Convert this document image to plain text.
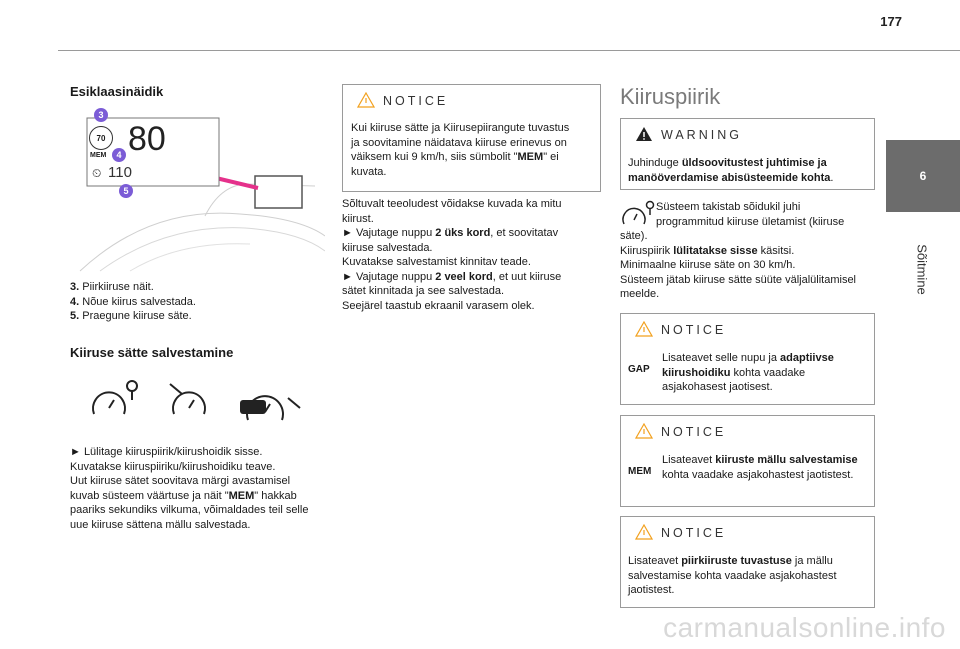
177
6
Sõitmine
Esiklaasinäidik
70
MEM 80
⏲ 110
3
4
5
3. Piirkiiruse näit.
4. Nõue kiirus salvestada.
5. Praegune kiiruse säte.
Kiiruse sätte salvestamine
► Lülitage kiiruspiirik/kiirushoidik sisse.
Kuvatakse kiiruspiiriku/kiirushoidiku teave.
Uut kiiruse sätet soovitava märgi avastamisel
kuvab süsteem väärtuse ja näit "MEM" hakkab
paariks sekundiks vilkuma, võimaldades teil selle
uue kiiruse sättena mällu salvestada.
NOTICE
Kui kiiruse sätte ja Kiirusepiirangute tuvastus
ja soovitamine näidatava kiiruse erinevus on
väiksem kui 9 km/h, siis sümbolit "MEM" ei
kuvata.
Sõltuvalt teeoludest võidakse kuvada ka mitu
kiirust.
► Vajutage nuppu 2 üks kord, et soovitatav
kiiruse salvestada.
Kuvatakse salvestamist kinnitav teade.
► Vajutage nuppu 2 veel kord, et uut kiiruse
sätet kinnitada ja see salvestada.
Seejärel taastub ekraanil varasem olek.
Kiiruspiirik
WARNING
Juhinduge üldsoovitustest juhtimise ja manööverdamise abisüsteemide kohta.
Süsteem takistab sõidukil juhi
programmitud kiiruse ületamist (kiiruse
säte).
Kiiruspiirik lülitatakse sisse käsitsi.
Minimaalne kiiruse säte on 30 km/h.
Süsteem jätab kiiruse sätte süüte väljalülitamisel
meelde.
NOTICE
GAP
Lisateavet selle nupu ja adaptiivse kiirushoidiku kohta vaadake asjakohasest jaotisest.
NOTICE
MEM
Lisateavet kiiruste mällu salvestamise kohta vaadake asjakohastest jaotistest.
NOTICE
Lisateavet piirkiiruste tuvastuse ja mällu salvestamise kohta vaadake asjakohastest jaotistest.
carmanualsonline.info
